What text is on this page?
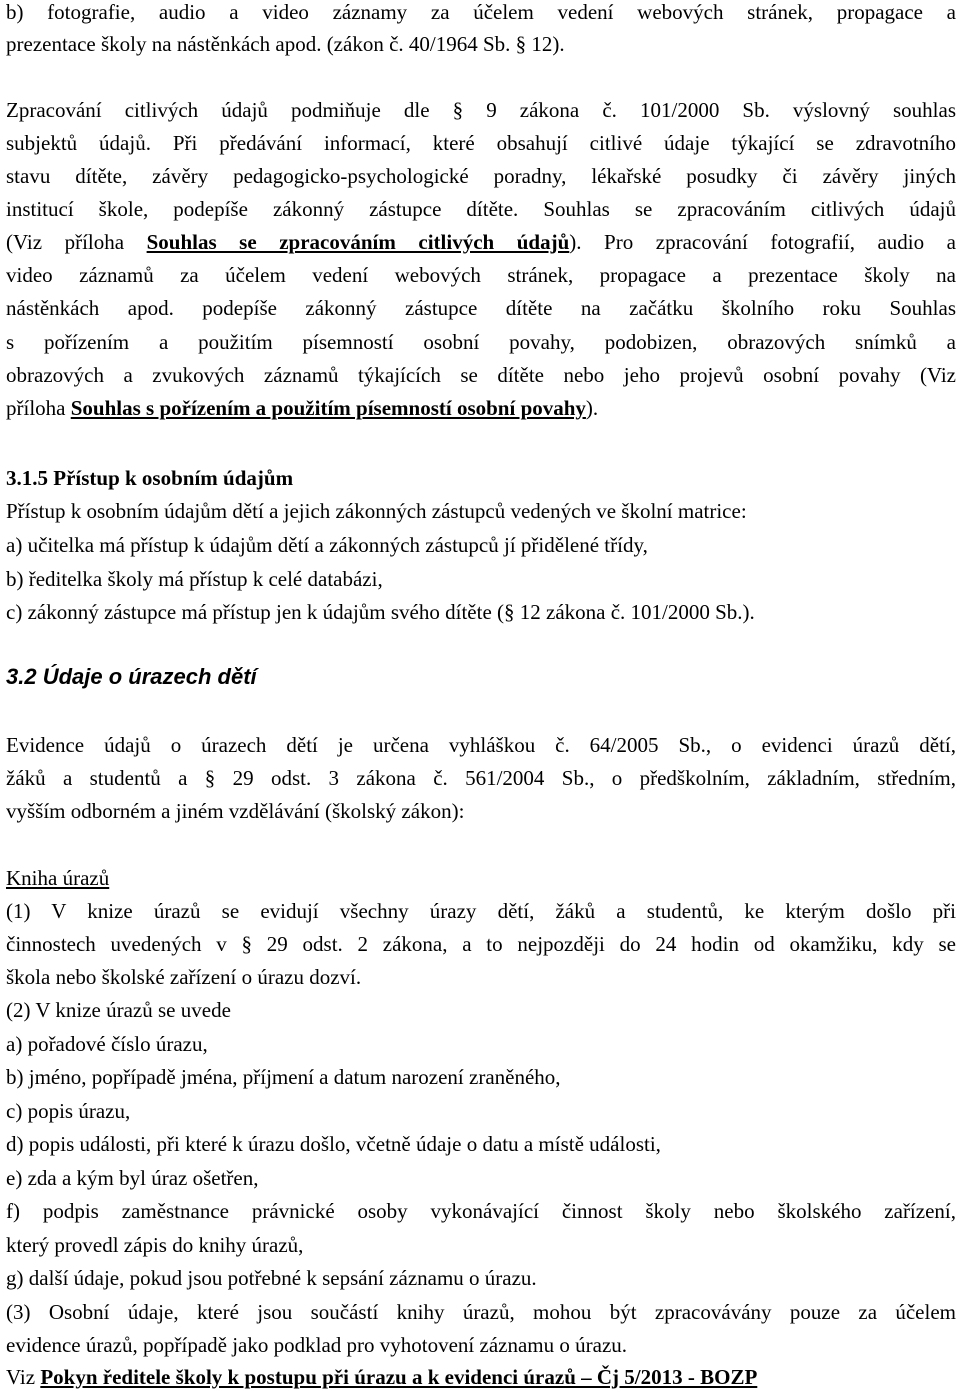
b) fotografie, audio a video záznamy za účelem vedení webových stránek, propagace a
prezentace školy na nástěnkách apod. (zákon č. 40/1964 Sb. § 12).
Zpracování citlivých údajů podmiňuje dle § 9 zákona č. 101/2000 Sb. výslovný souhlas
subjektů údajů. Při předávání informací, které obsahují citlivé údaje týkající se zdravotního
stavu dítěte, závěry pedagogicko-psychologické poradny, lékařské posudky či závěry jiných
institucí škole, podepíše zákonný zástupce dítěte. Souhlas se zpracováním citlivých údajů
(Viz příloha Souhlas se zpracováním citlivých údajů). Pro zpracování fotografií, audio a
video záznamů za účelem vedení webových stránek, propagace a prezentace školy na
nástěnkách apod. podepíše zákonný zástupce dítěte na začátku školního roku Souhlas
s pořízením a použitím písemností osobní povahy, podobizen, obrazových snímků a
obrazových a zvukových záznamů týkajících se dítěte nebo jeho projevů osobní povahy (Viz
příloha Souhlas s pořízením a použitím písemností osobní povahy).
3.1.5 Přístup k osobním údajům
Přístup k osobním údajům dětí a jejich zákonných zástupců vedených ve školní matrice:
a) učitelka má přístup k údajům dětí a zákonných zástupců jí přidělené třídy,
b) ředitelka školy má přístup k celé databázi,
c) zákonný zástupce má přístup jen k údajům svého dítěte (§ 12 zákona č. 101/2000 Sb.).
3.2 Údaje o úrazech dětí
Evidence údajů o úrazech dětí je určena vyhláškou č. 64/2005 Sb., o evidenci úrazů dětí,
žáků a studentů a § 29 odst. 3 zákona č. 561/2004 Sb., o předškolním, základním, středním,
vyšším odborném a jiném vzdělávání (školský zákon):
Kniha úrazů
(1) V knize úrazů se evidují všechny úrazy dětí, žáků a studentů, ke kterým došlo při
činnostech uvedených v § 29 odst. 2 zákona, a to nejpozději do 24 hodin od okamžiku, kdy se
škola nebo školské zařízení o úrazu dozví.
(2) V knize úrazů se uvede
a) pořadové číslo úrazu,
b) jméno, popřípadě jména, příjmení a datum narození zraněného,
c) popis úrazu,
d) popis události, při které k úrazu došlo, včetně údaje o datu a místě události,
e) zda a kým byl úraz ošetřen,
f) podpis zaměstnance právnické osoby vykonávající činnost školy nebo školského zařízení,
který provedl zápis do knihy úrazů,
g) další údaje, pokud jsou potřebné k sepsání záznamu o úrazu.
(3) Osobní údaje, které jsou součástí knihy úrazů, mohou být zpracovávány pouze za účelem
evidence úrazů, popřípadě jako podklad pro vyhotovení záznamu o úrazu.
Viz Pokyn ředitele školy k postupu při úrazu a k evidenci úrazů – Čj 5/2013 - BOZP
